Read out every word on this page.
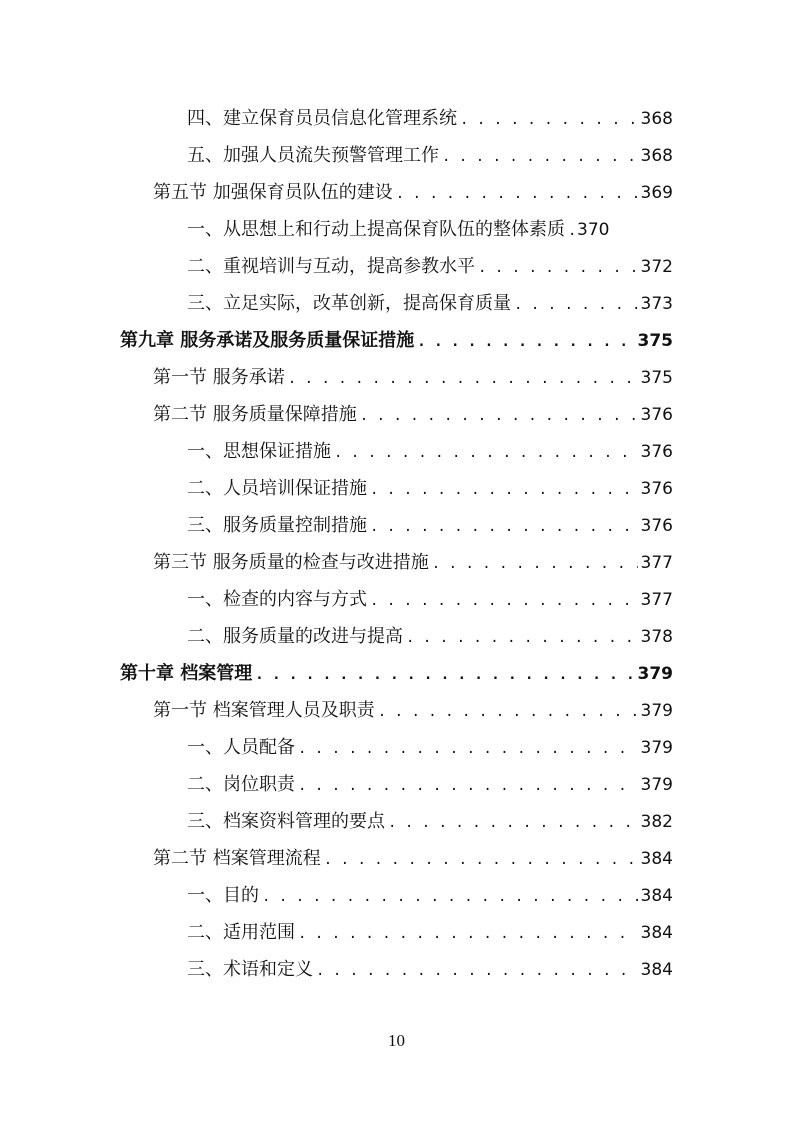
四、建立保育员员信息化管理系统 . . .	368
五、加强人员流失预警管理工作 . . .	368
第五节 加强保育员队伍的建设 . . .	369
一、从思想上和行动上提高保育队伍的整体素质 . . . 370
二、重视培训与互动，提高参教水平 . . .	372
三、立足实际，改革创新，提高保育质量 . . .	373
第九章 服务承诺及服务质量保证措施 . . .	375
第一节 服务承诺 . . .	375
第二节 服务质量保障措施 . . .	376
一、思想保证措施 . . .	376
二、人员培训保证措施 . . .	376
三、服务质量控制措施 . . .	376
第三节 服务质量的检查与改进措施 . . .	377
一、检查的内容与方式 . . .	377
二、服务质量的改进与提高 . . .	378
第十章 档案管理 . . .	379
第一节 档案管理人员及职责 . . .	379
一、人员配备 . . .	379
二、岗位职责 . . .	379
三、档案资料管理的要点 . . .	382
第二节 档案管理流程 . . .	384
一、目的 . . .	384
二、适用范围 . . .	384
三、术语和定义 . . .	384
10
